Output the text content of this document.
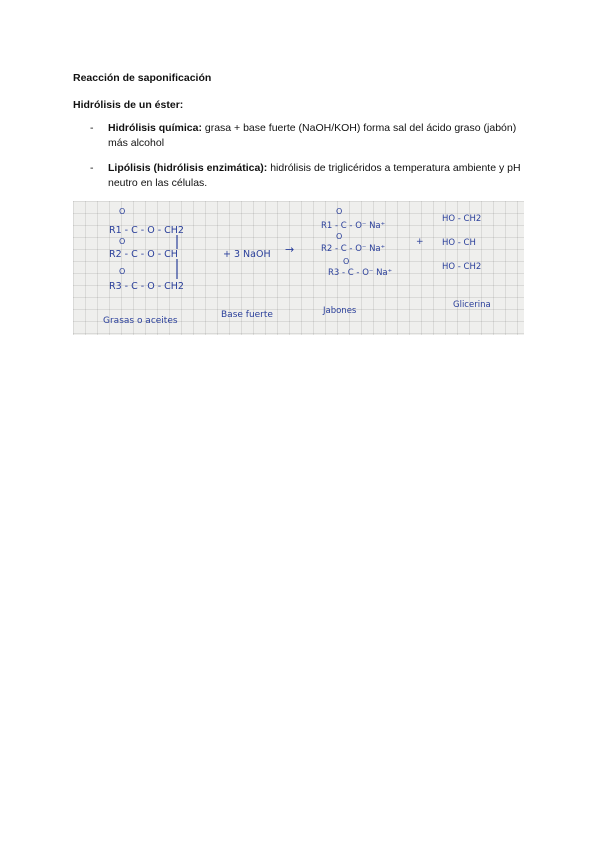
Reacción de saponificación
Hidrólisis de un éster:
- Hidrólisis química: grasa + base fuerte (NaOH/KOH) forma sal del ácido graso (jabón) más alcohol
- Lipólisis (hidrólisis enzimática): hidrólisis de triglicéridos a temperatura ambiente y pH neutro en las células.
O
O
O
R1 - C - O - CH2
R2 - C - O - CH
R3 - C - O - CH2
+ 3 NaOH →
O
O
O
R1 - C - O⁻ Na⁺
R2 - C - O⁻ Na⁺
R3 - C - O⁻ Na⁺
+
HO - CH2
HO - CH
HO - CH2
Grasas o aceites
Base fuerte	Jabones
Glicerina
